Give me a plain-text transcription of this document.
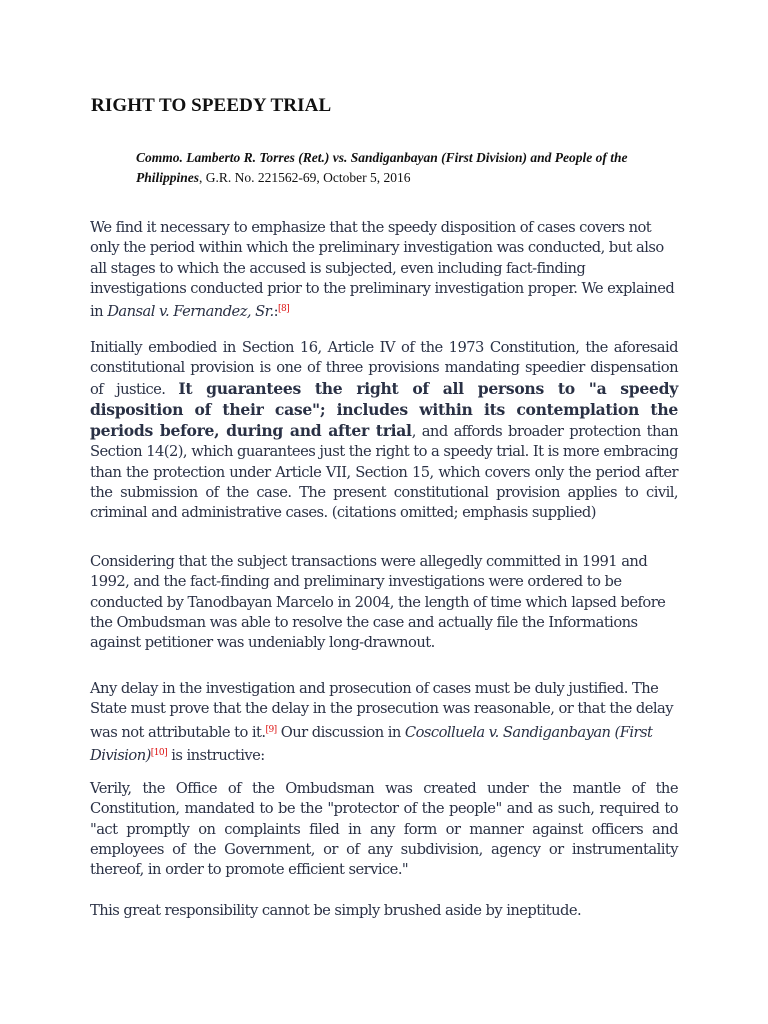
RIGHT TO SPEEDY TRIAL

Commo. Lamberto R. Torres (Ret.) vs. Sandiganbayan (First Division) and People of the Philippines, G.R. No. 221562-69, October 5, 2016

We find it necessary to emphasize that the speedy disposition of cases covers not only the period within which the preliminary investigation was conducted, but also all stages to which the accused is subjected, even including fact-finding investigations conducted prior to the preliminary investigation proper. We explained in Dansal v. Fernandez, Sr.:[8]

Initially embodied in Section 16, Article IV of the 1973 Constitution, the aforesaid constitutional provision is one of three provisions mandating speedier dispensation of justice. It guarantees the right of all persons to "a speedy disposition of their case"; includes within its contemplation the periods before, during and after trial, and affords broader protection than Section 14(2), which guarantees just the right to a speedy trial. It is more embracing than the protection under Article VII, Section 15, which covers only the period after the submission of the case. The present constitutional provision applies to civil, criminal and administrative cases. (citations omitted; emphasis supplied)

Considering that the subject transactions were allegedly committed in 1991 and 1992, and the fact-finding and preliminary investigations were ordered to be conducted by Tanodbayan Marcelo in 2004, the length of time which lapsed before the Ombudsman was able to resolve the case and actually file the Informations against petitioner was undeniably long-drawnout.

Any delay in the investigation and prosecution of cases must be duly justified. The State must prove that the delay in the prosecution was reasonable, or that the delay was not attributable to it.[9] Our discussion in Coscolluela v. Sandiganbayan (First Division)[10] is instructive:

Verily, the Office of the Ombudsman was created under the mantle of the Constitution, mandated to be the "protector of the people" and as such, required to "act promptly on complaints filed in any form or manner against officers and employees of the Government, or of any subdivision, agency or instrumentality thereof, in order to promote efficient service."

This great responsibility cannot be simply brushed aside by ineptitude.
